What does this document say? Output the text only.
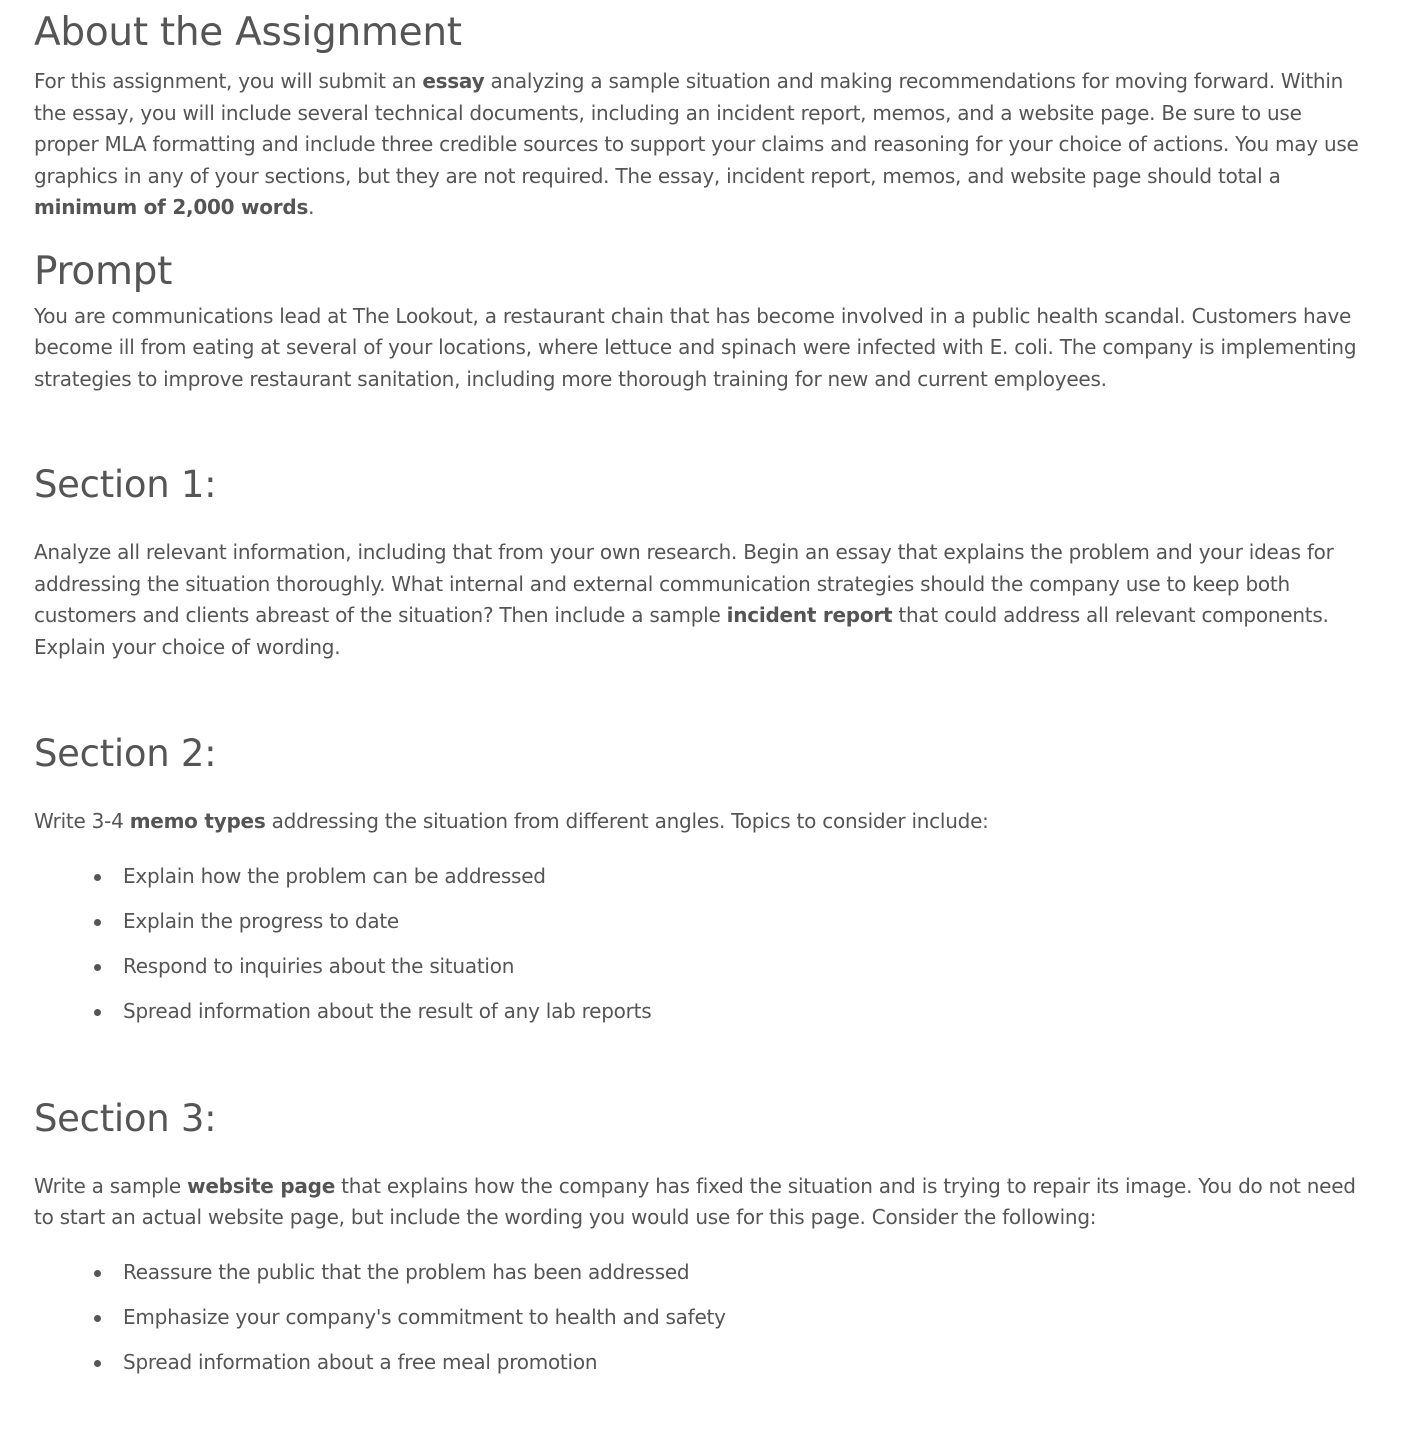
About the Assignment

For this assignment, you will submit an essay analyzing a sample situation and making recommendations for moving forward. Within the essay, you will include several technical documents, including an incident report, memos, and a website page. Be sure to use proper MLA formatting and include three credible sources to support your claims and reasoning for your choice of actions. You may use graphics in any of your sections, but they are not required. The essay, incident report, memos, and website page should total a minimum of 2,000 words.

Prompt

You are communications lead at The Lookout, a restaurant chain that has become involved in a public health scandal. Customers have become ill from eating at several of your locations, where lettuce and spinach were infected with E. coli. The company is implementing strategies to improve restaurant sanitation, including more thorough training for new and current employees.

Section 1:

Analyze all relevant information, including that from your own research. Begin an essay that explains the problem and your ideas for addressing the situation thoroughly. What internal and external communication strategies should the company use to keep both customers and clients abreast of the situation? Then include a sample incident report that could address all relevant components. Explain your choice of wording.

Section 2:

Write 3-4 memo types addressing the situation from different angles. Topics to consider include:

Explain how the problem can be addressed
Explain the progress to date
Respond to inquiries about the situation
Spread information about the result of any lab reports
Section 3:

Write a sample website page that explains how the company has fixed the situation and is trying to repair its image. You do not need to start an actual website page, but include the wording you would use for this page. Consider the following:

Reassure the public that the problem has been addressed
Emphasize your company's commitment to health and safety
Spread information about a free meal promotion
